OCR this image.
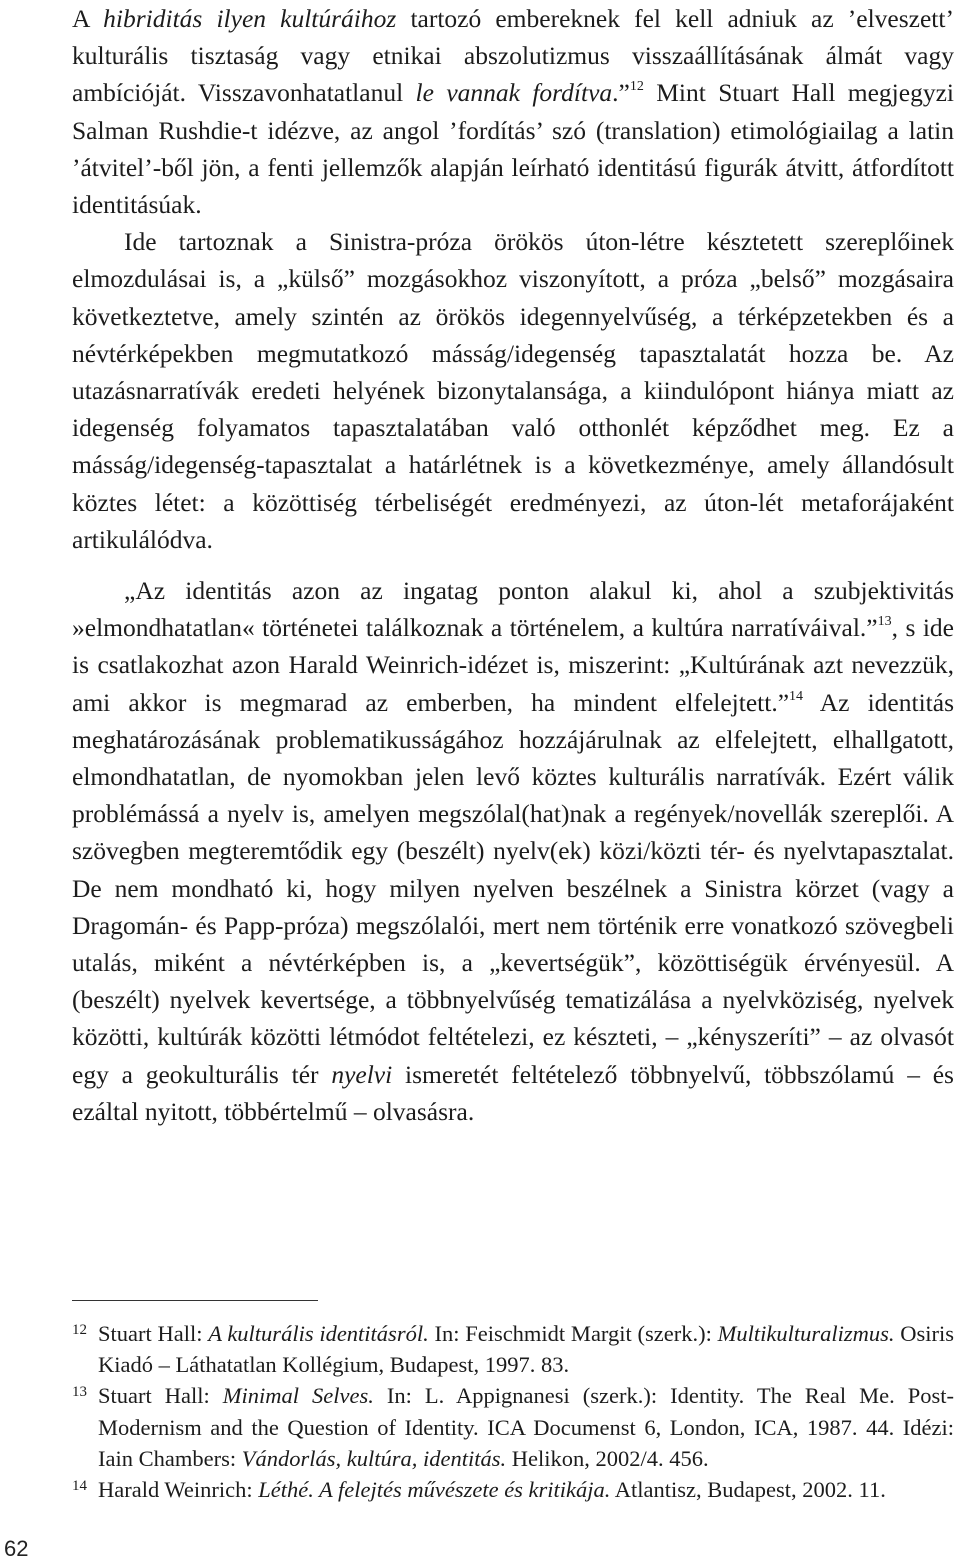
A hibriditás ilyen kultúráihoz tartozó embereknek fel kell adniuk az ’elveszett’ kulturális tisztaság vagy etnikai abszolutizmus visszaállításának álmát vagy ambícióját. Visszavonhatatlanul le vannak fordítva.”$^{12}$ Mint Stuart Hall megjegyzi Salman Rushdie-t idézve, az angol ’fordítás’ szó (translation) etimológiailag a latin ’átvitel’-ből jön, a fenti jellemzők alapján leírható identitású figurák átvitt, átfordított identitásúak.

Ide tartoznak a Sinistra-próza örökös úton-létre késztetett szereplőinek elmozdulásai is, a „külső” mozgásokhoz viszonyított, a próza „belső” mozgásaira következtetve, amely szintén az örökös idegennyelvűség, a térképzetekben és a névtérképekben megmutatkozó másság/idegenség tapasztalatát hozza be. Az utazásnarratívák eredeti helyének bizonytalansága, a kiindulópont hiánya miatt az idegenség folyamatos tapasztalatában való otthonlét képződhet meg. Ez a másság/idegenség-tapasztalat a határlétnek is a következménye, amely állandósult köztes létet: a közöttiség térbeliségét eredményezi, az úton-lét metaforájaként artikulálódva.

„Az identitás azon az ingatag ponton alakul ki, ahol a szubjektivitás »elmondhatatlan« történetei találkoznak a történelem, a kultúra narratíváival.”$^{13}$, s ide is csatlakozhat azon Harald Weinrich-idézet is, miszerint: „Kultúrának azt nevezzük, ami akkor is megmarad az emberben, ha mindent elfelejtett.”$^{14}$ Az identitás meghatározásának problematikusságához hozzájárulnak az elfelejtett, elhallgatott, elmondhatatlan, de nyomokban jelen levő köztes kulturális narratívák. Ezért válik problémássá a nyelv is, amelyen megszólal(hat)nak a regények/novellák szereplői. A szövegben megteremtődik egy (beszélt) nyelv(ek) közi/közti tér- és nyelvtapasztalat. De nem mondható ki, hogy milyen nyelven beszélnek a Sinistra körzet (vagy a Dragomán- és Papp-próza) megszólalói, mert nem történik erre vonatkozó szövegbeli utalás, miként a névtérképben is, a „kevertségük”, közöttiségük érvényesül. A (beszélt) nyelvek kevertsége, a többnyelvűség tematizálása a nyelvköziség, nyelvek közötti, kultúrák közötti létmódot feltételezi, ez készteti, – „kényszeríti” – az olvasót egy a geokulturális tér nyelvi ismeretét feltételező többnyelvű, többszólamú – és ezáltal nyitott, többértelmű – olvasásra.

12 Stuart Hall: A kulturális identitásról. In: Feischmidt Margit (szerk.): Multikulturalizmus. Osiris Kiadó – Láthatatlan Kollégium, Budapest, 1997. 83.

13 Stuart Hall: Minimal Selves. In: L. Appignanesi (szerk.): Identity. The Real Me. Post-Modernism and the Question of Identity. ICA Documenst 6, London, ICA, 1987. 44. Idézi: Iain Chambers: Vándorlás, kultúra, identitás. Helikon, 2002/4. 456.

14 Harald Weinrich: Léthé. A felejtés művészete és kritikája. Atlantisz, Budapest, 2002. 11.

62
